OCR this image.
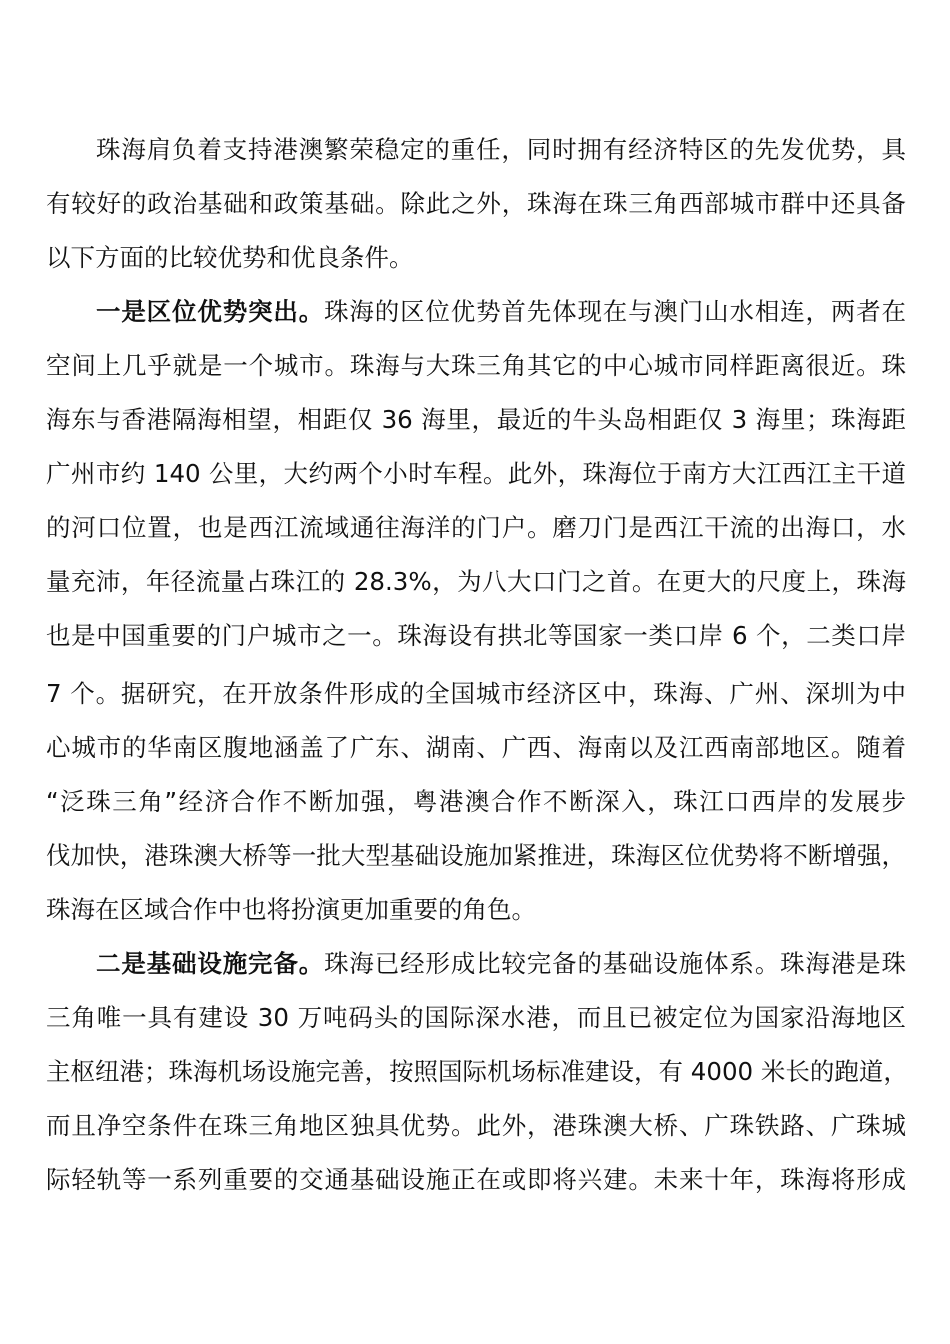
珠海肩负着支持港澳繁荣稳定的重任，同时拥有经济特区的先发优势，具
有较好的政治基础和政策基础。除此之外，珠海在珠三角西部城市群中还具备
以下方面的比较优势和优良条件。
一是区位优势突出。珠海的区位优势首先体现在与澳门山水相连，两者在
空间上几乎就是一个城市。珠海与大珠三角其它的中心城市同样距离很近。珠
海东与香港隔海相望，相距仅 36 海里，最近的牛头岛相距仅 3 海里；珠海距
广州市约 140 公里，大约两个小时车程。此外，珠海位于南方大江西江主干道
的河口位置，也是西江流域通往海洋的门户。磨刀门是西江干流的出海口，水
量充沛，年径流量占珠江的 28.3%，为八大口门之首。在更大的尺度上，珠海
也是中国重要的门户城市之一。珠海设有拱北等国家一类口岸 6 个，二类口岸
7 个。据研究，在开放条件形成的全国城市经济区中，珠海、广州、深圳为中
心城市的华南区腹地涵盖了广东、湖南、广西、海南以及江西南部地区。随着
“泛珠三角”经济合作不断加强，粤港澳合作不断深入，珠江口西岸的发展步
伐加快，港珠澳大桥等一批大型基础设施加紧推进，珠海区位优势将不断增强，
珠海在区域合作中也将扮演更加重要的角色。
二是基础设施完备。珠海已经形成比较完备的基础设施体系。珠海港是珠
三角唯一具有建设 30 万吨码头的国际深水港，而且已被定位为国家沿海地区
主枢纽港；珠海机场设施完善，按照国际机场标准建设，有 4000 米长的跑道，
而且净空条件在珠三角地区独具优势。此外，港珠澳大桥、广珠铁路、广珠城
际轻轨等一系列重要的交通基础设施正在或即将兴建。未来十年，珠海将形成
